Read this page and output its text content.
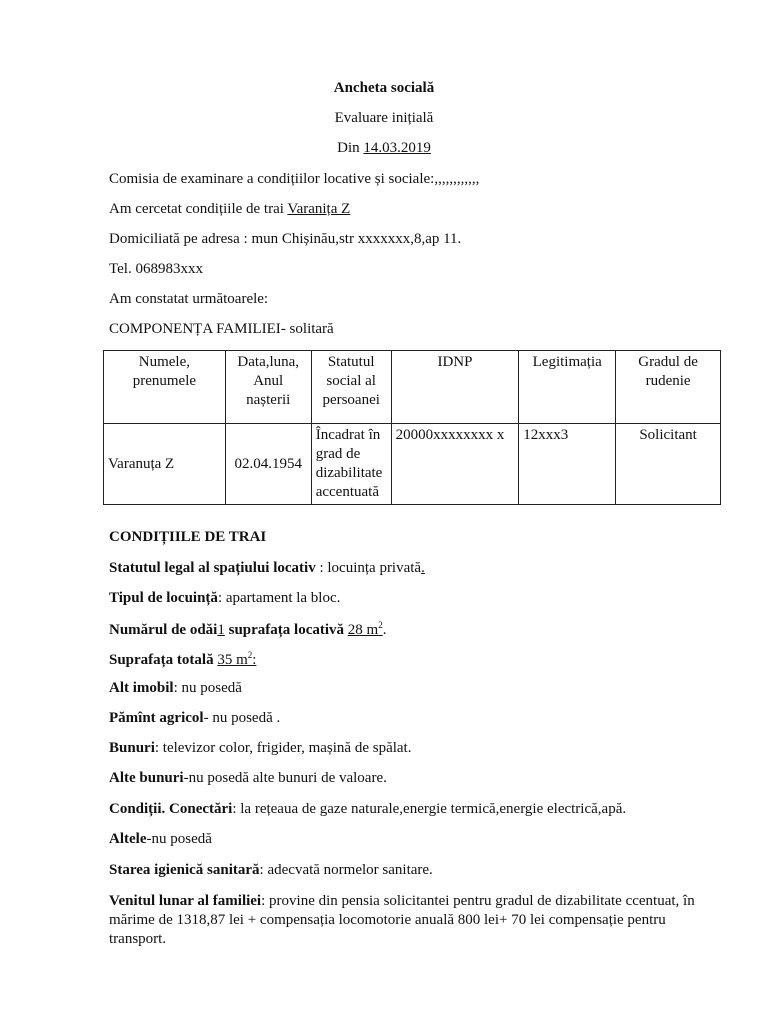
Ancheta socială
Evaluare inițială
Din 14.03.2019
Comisia de examinare a condițiilor locative și sociale:,,,,,,,,,,,,
Am cercetat condițiile de trai Varanița Z
Domiciliată pe adresa : mun Chișinău,str xxxxxxx,8,ap 11.
Tel. 068983xxx
Am constatat următoarele:
COMPONENȚA FAMILIEI- solitară
Numele, prenumele	Data,luna, Anul nașterii	Statutul social al persoanei	IDNP	Legitimația	Gradul de rudenie
Varanuța Z	02.04.1954	Încadrat în grad de dizabilitate accentuată	20000xxxxxxxx x	12xxx3	Solicitant
CONDIȚIILE DE TRAI
Statutul legal al spațiului locativ : locuința privată.
Tipul de locuință: apartament la bloc.
Numărul de odăi1 suprafața locativă 28 $m^2$.
Suprafața totală 35 $m^2$:
Alt imobil: nu posedă
Pămînt agricol- nu posedă .
Bunuri: televizor color, frigider, mașină de spălat.
Alte bunuri-nu posedă alte bunuri de valoare.
Condiții. Conectări: la rețeaua de gaze naturale,energie termică,energie electrică,apă.
Altele-nu posedă
Starea igienică sanitară: adecvată normelor sanitare.
Venitul lunar al familiei: provine din pensia solicitantei pentru gradul de dizabilitate ccentuat, în mărime de 1318,87 lei + compensația locomotorie anuală 800 lei+ 70 lei compensație pentru transport.
